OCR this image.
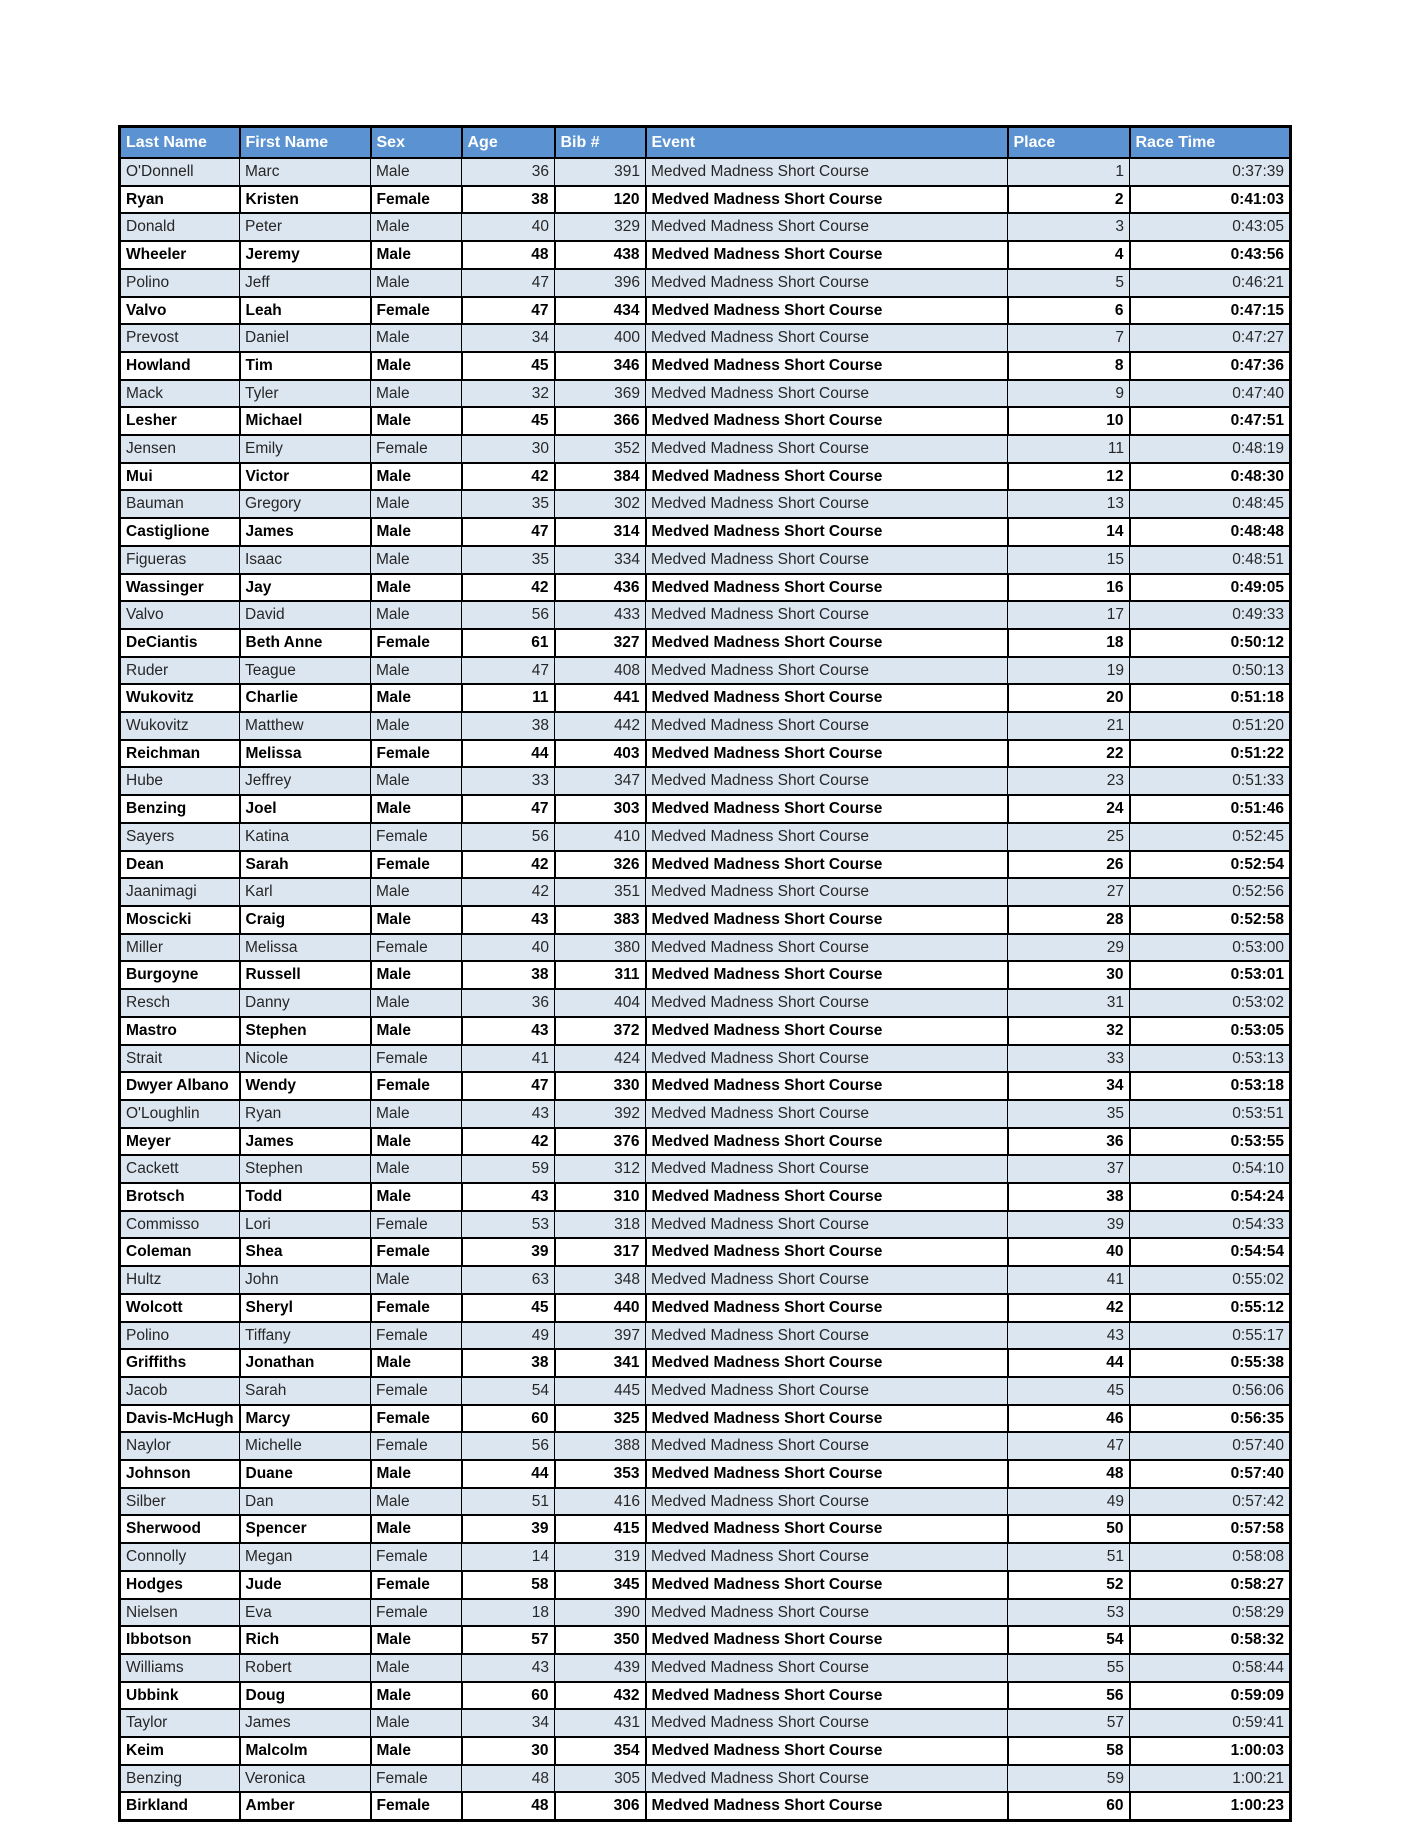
Last Name	First Name	Sex	Age	Bib #	Event	Place	Race Time
O'Donnell	Marc	Male	36	391	Medved Madness Short Course	1	0:37:39
Ryan	Kristen	Female	38	120	Medved Madness Short Course	2	0:41:03
Donald	Peter	Male	40	329	Medved Madness Short Course	3	0:43:05
Wheeler	Jeremy	Male	48	438	Medved Madness Short Course	4	0:43:56
Polino	Jeff	Male	47	396	Medved Madness Short Course	5	0:46:21
Valvo	Leah	Female	47	434	Medved Madness Short Course	6	0:47:15
Prevost	Daniel	Male	34	400	Medved Madness Short Course	7	0:47:27
Howland	Tim	Male	45	346	Medved Madness Short Course	8	0:47:36
Mack	Tyler	Male	32	369	Medved Madness Short Course	9	0:47:40
Lesher	Michael	Male	45	366	Medved Madness Short Course	10	0:47:51
Jensen	Emily	Female	30	352	Medved Madness Short Course	11	0:48:19
Mui	Victor	Male	42	384	Medved Madness Short Course	12	0:48:30
Bauman	Gregory	Male	35	302	Medved Madness Short Course	13	0:48:45
Castiglione	James	Male	47	314	Medved Madness Short Course	14	0:48:48
Figueras	Isaac	Male	35	334	Medved Madness Short Course	15	0:48:51
Wassinger	Jay	Male	42	436	Medved Madness Short Course	16	0:49:05
Valvo	David	Male	56	433	Medved Madness Short Course	17	0:49:33
DeCiantis	Beth Anne	Female	61	327	Medved Madness Short Course	18	0:50:12
Ruder	Teague	Male	47	408	Medved Madness Short Course	19	0:50:13
Wukovitz	Charlie	Male	11	441	Medved Madness Short Course	20	0:51:18
Wukovitz	Matthew	Male	38	442	Medved Madness Short Course	21	0:51:20
Reichman	Melissa	Female	44	403	Medved Madness Short Course	22	0:51:22
Hube	Jeffrey	Male	33	347	Medved Madness Short Course	23	0:51:33
Benzing	Joel	Male	47	303	Medved Madness Short Course	24	0:51:46
Sayers	Katina	Female	56	410	Medved Madness Short Course	25	0:52:45
Dean	Sarah	Female	42	326	Medved Madness Short Course	26	0:52:54
Jaanimagi	Karl	Male	42	351	Medved Madness Short Course	27	0:52:56
Moscicki	Craig	Male	43	383	Medved Madness Short Course	28	0:52:58
Miller	Melissa	Female	40	380	Medved Madness Short Course	29	0:53:00
Burgoyne	Russell	Male	38	311	Medved Madness Short Course	30	0:53:01
Resch	Danny	Male	36	404	Medved Madness Short Course	31	0:53:02
Mastro	Stephen	Male	43	372	Medved Madness Short Course	32	0:53:05
Strait	Nicole	Female	41	424	Medved Madness Short Course	33	0:53:13
Dwyer Albano	Wendy	Female	47	330	Medved Madness Short Course	34	0:53:18
O'Loughlin	Ryan	Male	43	392	Medved Madness Short Course	35	0:53:51
Meyer	James	Male	42	376	Medved Madness Short Course	36	0:53:55
Cackett	Stephen	Male	59	312	Medved Madness Short Course	37	0:54:10
Brotsch	Todd	Male	43	310	Medved Madness Short Course	38	0:54:24
Commisso	Lori	Female	53	318	Medved Madness Short Course	39	0:54:33
Coleman	Shea	Female	39	317	Medved Madness Short Course	40	0:54:54
Hultz	John	Male	63	348	Medved Madness Short Course	41	0:55:02
Wolcott	Sheryl	Female	45	440	Medved Madness Short Course	42	0:55:12
Polino	Tiffany	Female	49	397	Medved Madness Short Course	43	0:55:17
Griffiths	Jonathan	Male	38	341	Medved Madness Short Course	44	0:55:38
Jacob	Sarah	Female	54	445	Medved Madness Short Course	45	0:56:06
Davis-McHugh	Marcy	Female	60	325	Medved Madness Short Course	46	0:56:35
Naylor	Michelle	Female	56	388	Medved Madness Short Course	47	0:57:40
Johnson	Duane	Male	44	353	Medved Madness Short Course	48	0:57:40
Silber	Dan	Male	51	416	Medved Madness Short Course	49	0:57:42
Sherwood	Spencer	Male	39	415	Medved Madness Short Course	50	0:57:58
Connolly	Megan	Female	14	319	Medved Madness Short Course	51	0:58:08
Hodges	Jude	Female	58	345	Medved Madness Short Course	52	0:58:27
Nielsen	Eva	Female	18	390	Medved Madness Short Course	53	0:58:29
Ibbotson	Rich	Male	57	350	Medved Madness Short Course	54	0:58:32
Williams	Robert	Male	43	439	Medved Madness Short Course	55	0:58:44
Ubbink	Doug	Male	60	432	Medved Madness Short Course	56	0:59:09
Taylor	James	Male	34	431	Medved Madness Short Course	57	0:59:41
Keim	Malcolm	Male	30	354	Medved Madness Short Course	58	1:00:03
Benzing	Veronica	Female	48	305	Medved Madness Short Course	59	1:00:21
Birkland	Amber	Female	48	306	Medved Madness Short Course	60	1:00:23
